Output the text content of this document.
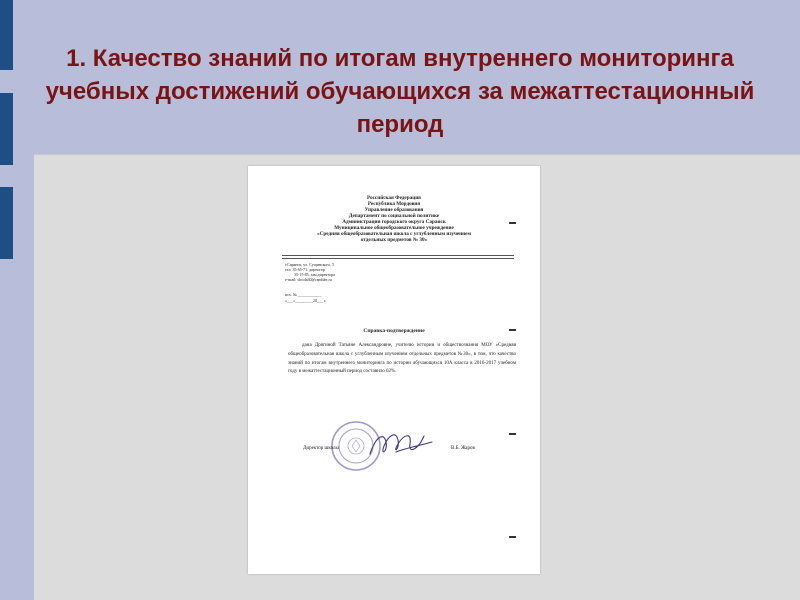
1. Качество знаний по итогам внутреннего мониторинга учебных достижений обучающихся за межаттестационный период
Российская Федерация
Республика Мордовия
Управление образования
Департамент по социальной политике
Администрации городского округа Саранск
Муниципальное общеобразовательное учреждение
«Средняя общеобразовательная школа с углубленным изучением
отдельных предметов № 30»
г.Саранск, ул. Сущинского, 5
тел. 35-65-71, директор
35-15-85, зам.директора
e-mail: shcola30@rambler.ru
исх. № ____________
«___»_________20___ г.
Справка-подтверждение

дана Дрягиной Татьяне Александровне, учителю истории и обществознания МОУ «Средняя общеобразовательная школа с углубленным изучением отдельных предметов №30», в том, что качество знаний по итогам внутреннего мониторинга по истории обучающихся 10А класса в 2016-2017 учебном году в межаттестационный период составило 62%.

Директор школы	В.Б. Жаров
